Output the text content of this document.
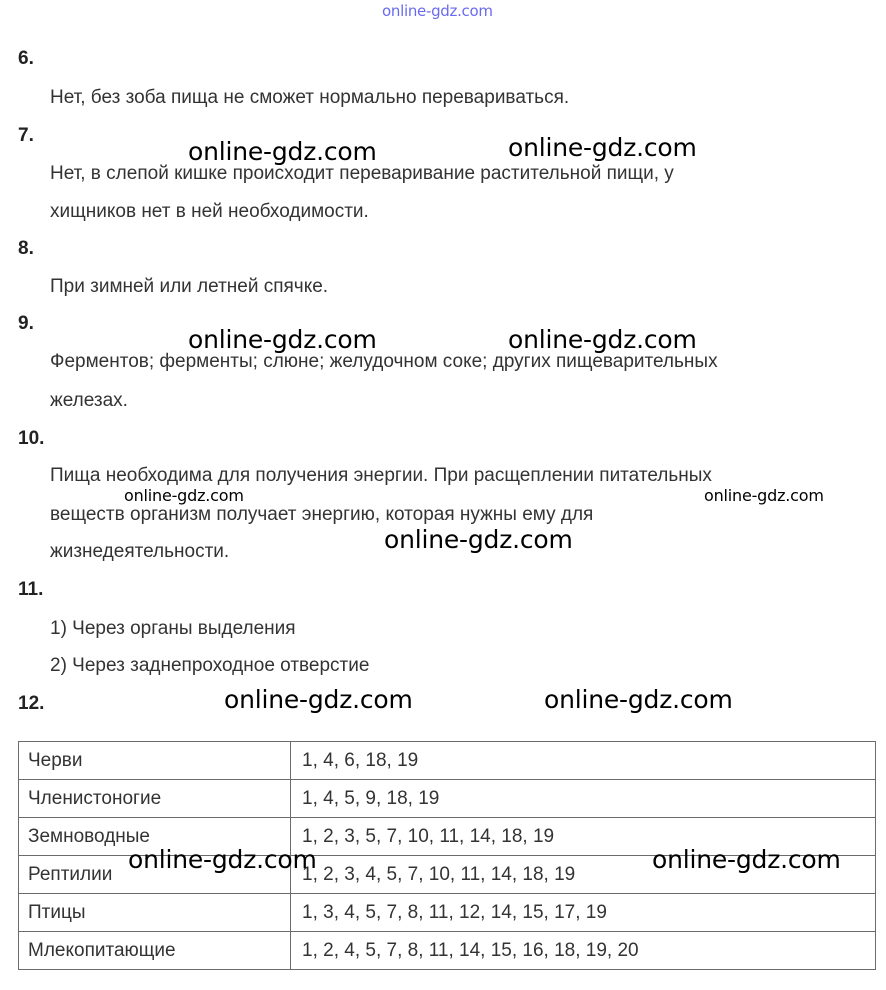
online-gdz.com
6.
Нет, без зоба пища не сможет нормально перевариваться.
7.
Нет, в слепой кишке происходит переваривание растительной пищи, у
хищников нет в ней необходимости.
8.
При зимней или летней спячке.
9.
Ферментов; ферменты; слюне; желудочном соке; других пищеварительных
железах.
10.
Пища необходима для получения энергии. При расщеплении питательных
веществ организм получает энергию, которая нужны ему для
жизнедеятельности.
11.
1) Через органы выделения
2) Через заднепроходное отверстие
12.
Черви	1, 4, 6, 18, 19
Членистоногие	1, 4, 5, 9, 18, 19
Земноводные	1, 2, 3, 5, 7, 10, 11, 14, 18, 19
Рептилии	1, 2, 3, 4, 5, 7, 10, 11, 14, 18, 19
Птицы	1, 3, 4, 5, 7, 8, 11, 12, 14, 15, 17, 19
Млекопитающие	1, 2, 4, 5, 7, 8, 11, 14, 15, 16, 18, 19, 20
online-gdz.com	online-gdz.com
online-gdz.com	online-gdz.com
online-gdz.com	online-gdz.com
online-gdz.com
online-gdz.com	online-gdz.com
online-gdz.com	online-gdz.com
